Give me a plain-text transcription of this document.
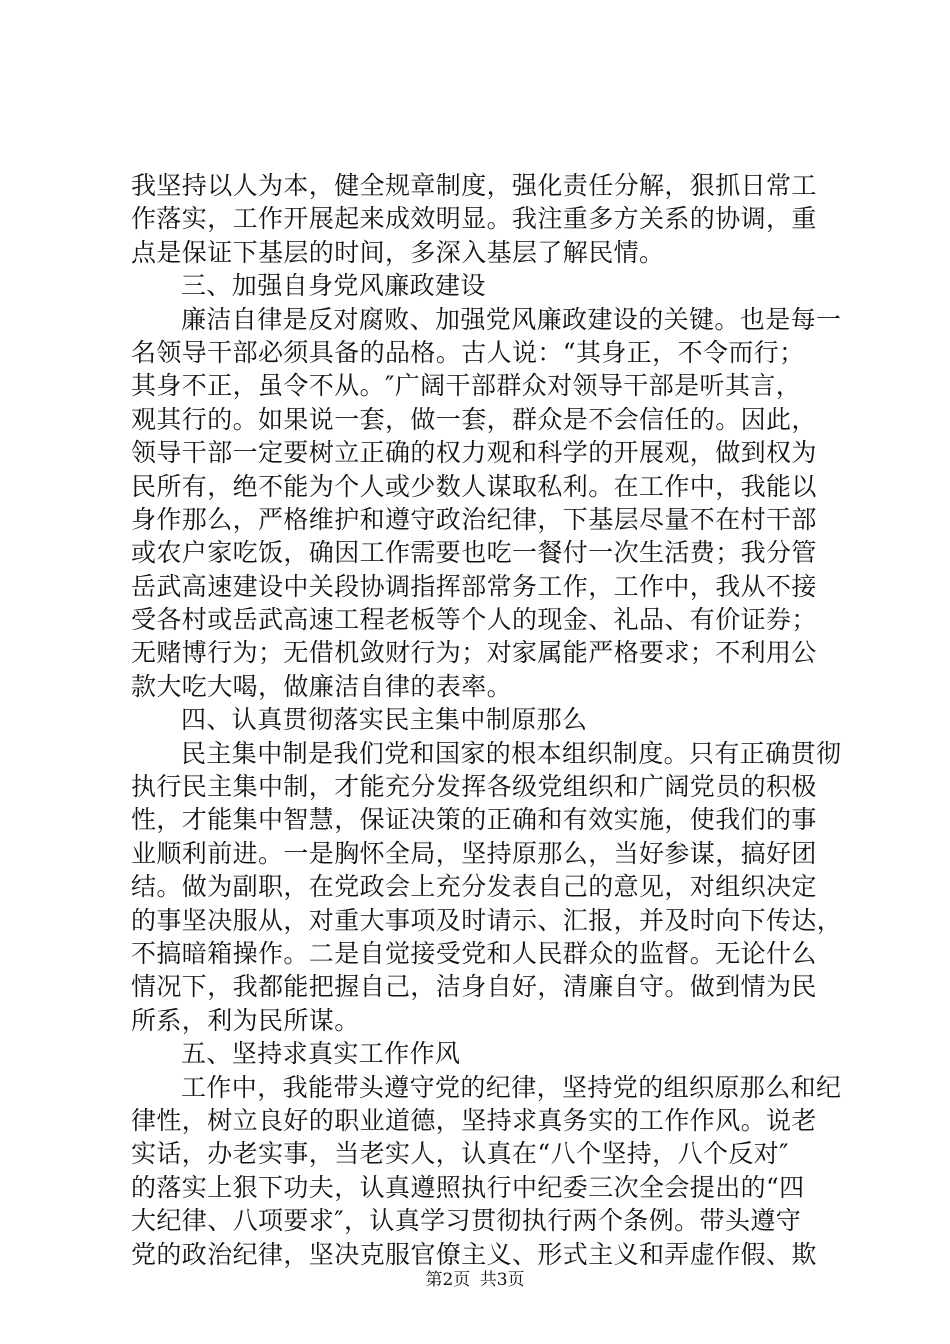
我坚持以人为本，健全规章制度，强化责任分解，狠抓日常工
作落实，工作开展起来成效明显。我注重多方关系的协调，重
点是保证下基层的时间，多深入基层了解民情。
三、加强自身党风廉政建设
廉洁自律是反对腐败、加强党风廉政建设的关键。也是每一
名领导干部必须具备的品格。古人说：“其身正，不令而行；
其身不正，虽令不从。″广阔干部群众对领导干部是听其言，
观其行的。如果说一套，做一套，群众是不会信任的。因此，
领导干部一定要树立正确的权力观和科学的开展观，做到权为
民所有，绝不能为个人或少数人谋取私利。在工作中，我能以
身作那么，严格维护和遵守政治纪律，下基层尽量不在村干部
或农户家吃饭，确因工作需要也吃一餐付一次生活费；我分管
岳武高速建设中关段协调指挥部常务工作，工作中，我从不接
受各村或岳武高速工程老板等个人的现金、礼品、有价证券；
无赌博行为；无借机敛财行为；对家属能严格要求；不利用公
款大吃大喝，做廉洁自律的表率。
四、认真贯彻落实民主集中制原那么
民主集中制是我们党和国家的根本组织制度。只有正确贯彻
执行民主集中制，才能充分发挥各级党组织和广阔党员的积极
性，才能集中智慧，保证决策的正确和有效实施，使我们的事
业顺利前进。一是胸怀全局，坚持原那么，当好参谋，搞好团
结。做为副职，在党政会上充分发表自己的意见，对组织决定
的事坚决服从，对重大事项及时请示、汇报，并及时向下传达，
不搞暗箱操作。二是自觉接受党和人民群众的监督。无论什么
情况下，我都能把握自己，洁身自好，清廉自守。做到情为民
所系，利为民所谋。
五、坚持求真实工作作风
工作中，我能带头遵守党的纪律，坚持党的组织原那么和纪
律性，树立良好的职业道德，坚持求真务实的工作作风。说老
实话，办老实事，当老实人，认真在“八个坚持，八个反对″
的落实上狠下功夫，认真遵照执行中纪委三次全会提出的“四
大纪律、八项要求″，认真学习贯彻执行两个条例。带头遵守
党的政治纪律，坚决克服官僚主义、形式主义和弄虚作假、欺
第2页 共3页
